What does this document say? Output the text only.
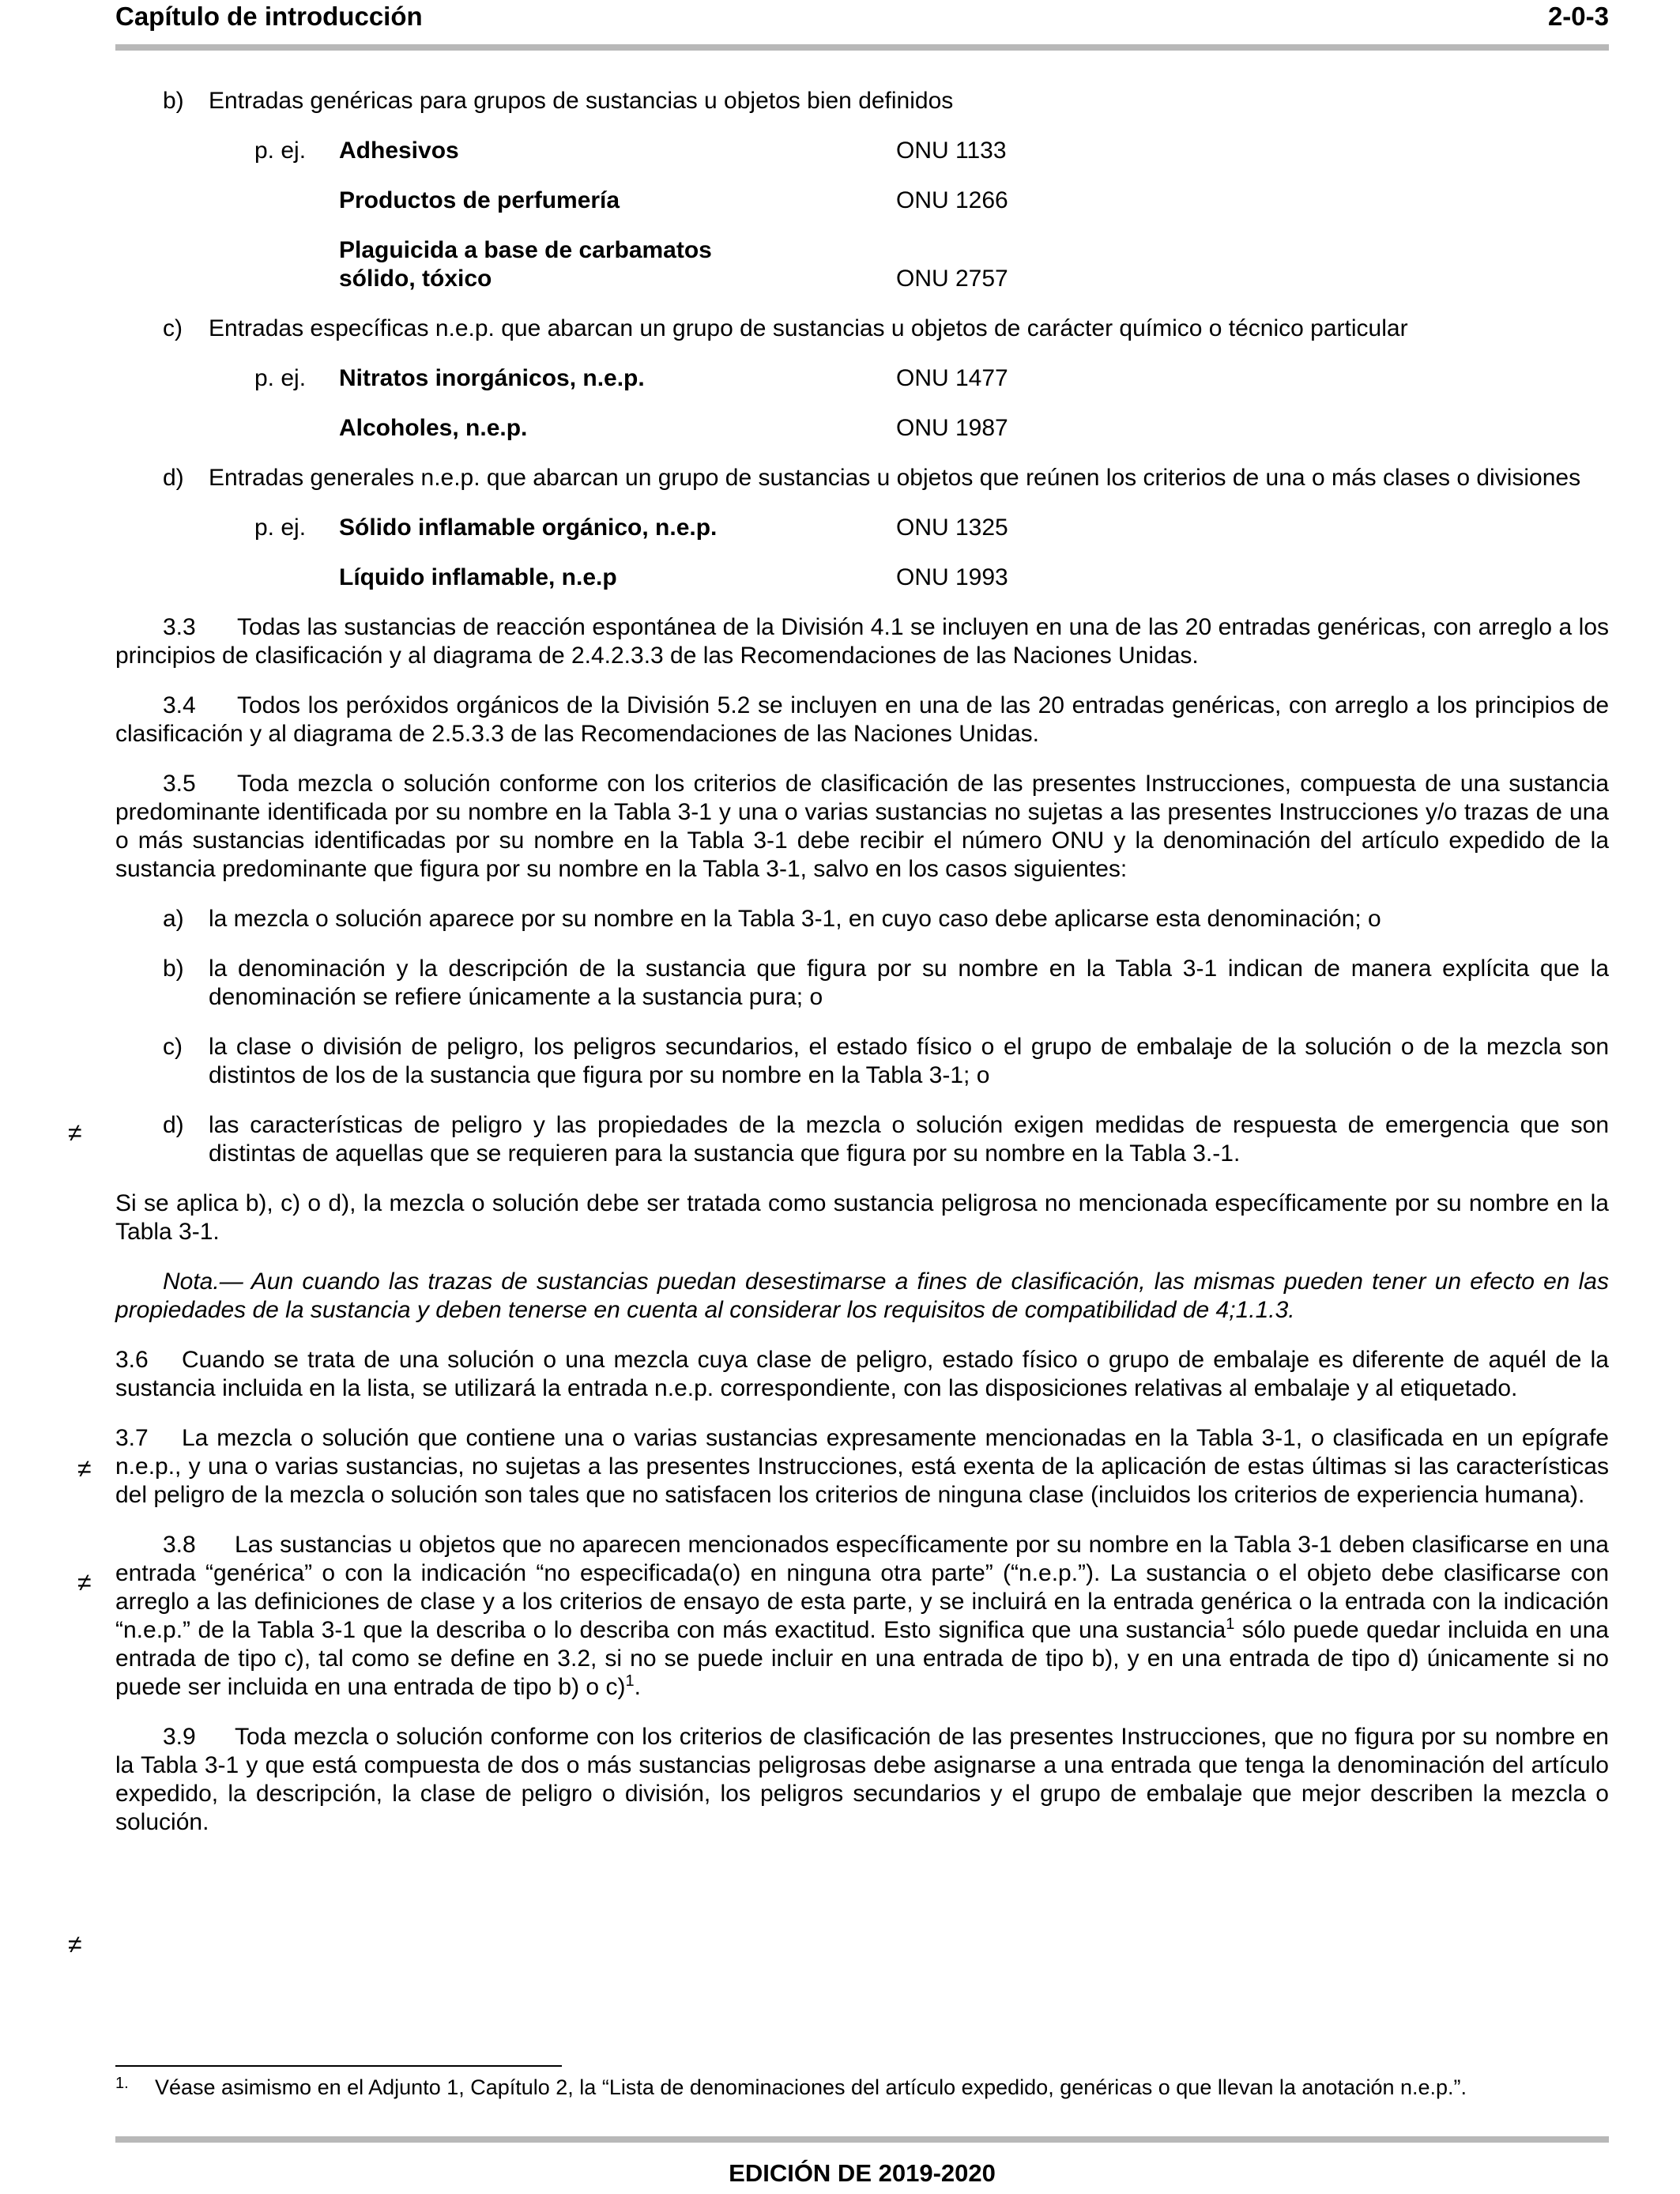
Capítulo de introducción	2-0-3
≠
≠
≠
≠
b) Entradas genéricas para grupos de sustancias u objetos bien definidos
p. ej. Adhesivos	ONU 1133
Productos de perfumería	ONU 1266
Plaguicida a base de carbamatos
sólido, tóxico	ONU 2757
c) Entradas específicas n.e.p. que abarcan un grupo de sustancias u objetos de carácter químico o técnico particular
p. ej. Nitratos inorgánicos, n.e.p.	ONU 1477
Alcoholes, n.e.p.	ONU 1987
d) Entradas generales n.e.p. que abarcan un grupo de sustancias u objetos que reúnen los criterios de una o más clases o divisiones
p. ej. Sólido inflamable orgánico, n.e.p.	ONU 1325
Líquido inflamable, n.e.p	ONU 1993

3.3 Todas las sustancias de reacción espontánea de la División 4.1 se incluyen en una de las 20 entradas genéricas, con arreglo a los principios de clasificación y al diagrama de 2.4.2.3.3 de las Recomendaciones de las Naciones Unidas.

3.4 Todos los peróxidos orgánicos de la División 5.2 se incluyen en una de las 20 entradas genéricas, con arreglo a los principios de clasificación y al diagrama de 2.5.3.3 de las Recomendaciones de las Naciones Unidas.

3.5 Toda mezcla o solución conforme con los criterios de clasificación de las presentes Instrucciones, compuesta de una sustancia predominante identificada por su nombre en la Tabla 3-1 y una o varias sustancias no sujetas a las presentes Instrucciones y/o trazas de una o más sustancias identificadas por su nombre en la Tabla 3-1 debe recibir el número ONU y la denominación del artículo expedido de la sustancia predominante que figura por su nombre en la Tabla 3-1, salvo en los casos siguientes:

a) la mezcla o solución aparece por su nombre en la Tabla 3-1, en cuyo caso debe aplicarse esta denominación; o
b) la denominación y la descripción de la sustancia que figura por su nombre en la Tabla 3-1 indican de manera explícita que la denominación se refiere únicamente a la sustancia pura; o
c) la clase o división de peligro, los peligros secundarios, el estado físico o el grupo de embalaje de la solución o de la mezcla son distintos de los de la sustancia que figura por su nombre en la Tabla 3-1; o
d) las características de peligro y las propiedades de la mezcla o solución exigen medidas de respuesta de emergencia que son distintas de aquellas que se requieren para la sustancia que figura por su nombre en la Tabla 3.-1.

Si se aplica b), c) o d), la mezcla o solución debe ser tratada como sustancia peligrosa no mencionada específicamente por su nombre en la Tabla 3-1.

Nota.— Aun cuando las trazas de sustancias puedan desestimarse a fines de clasificación, las mismas pueden tener un efecto en las propiedades de la sustancia y deben tenerse en cuenta al considerar los requisitos de compatibilidad de 4;1.1.3.

3.6 Cuando se trata de una solución o una mezcla cuya clase de peligro, estado físico o grupo de embalaje es diferente de aquél de la sustancia incluida en la lista, se utilizará la entrada n.e.p. correspondiente, con las disposiciones relativas al embalaje y al etiquetado.

3.7 La mezcla o solución que contiene una o varias sustancias expresamente mencionadas en la Tabla 3-1, o clasificada en un epígrafe n.e.p., y una o varias sustancias, no sujetas a las presentes Instrucciones, está exenta de la aplicación de estas últimas si las características del peligro de la mezcla o solución son tales que no satisfacen los criterios de ninguna clase (incluidos los criterios de experiencia humana).

3.8 Las sustancias u objetos que no aparecen mencionados específicamente por su nombre en la Tabla 3-1 deben clasificarse en una entrada “genérica” o con la indicación “no especificada(o) en ninguna otra parte” (“n.e.p.”). La sustancia o el objeto debe clasificarse con arreglo a las definiciones de clase y a los criterios de ensayo de esta parte, y se incluirá en la entrada genérica o la entrada con la indicación “n.e.p.” de la Tabla 3-1 que la describa o lo describa con más exactitud. Esto significa que una sustancia$^1$ sólo puede quedar incluida en una entrada de tipo c), tal como se define en 3.2, si no se puede incluir en una entrada de tipo b), y en una entrada de tipo d) únicamente si no puede ser incluida en una entrada de tipo b) o c)$^1$.

3.9 Toda mezcla o solución conforme con los criterios de clasificación de las presentes Instrucciones, que no figura por su nombre en la Tabla 3-1 y que está compuesta de dos o más sustancias peligrosas debe asignarse a una entrada que tenga la denominación del artículo expedido, la descripción, la clase de peligro o división, los peligros secundarios y el grupo de embalaje que mejor describen la mezcla o solución.

1. Véase asimismo en el Adjunto 1, Capítulo 2, la “Lista de denominaciones del artículo expedido, genéricas o que llevan la anotación n.e.p.”.
EDICIÓN DE 2019-2020
